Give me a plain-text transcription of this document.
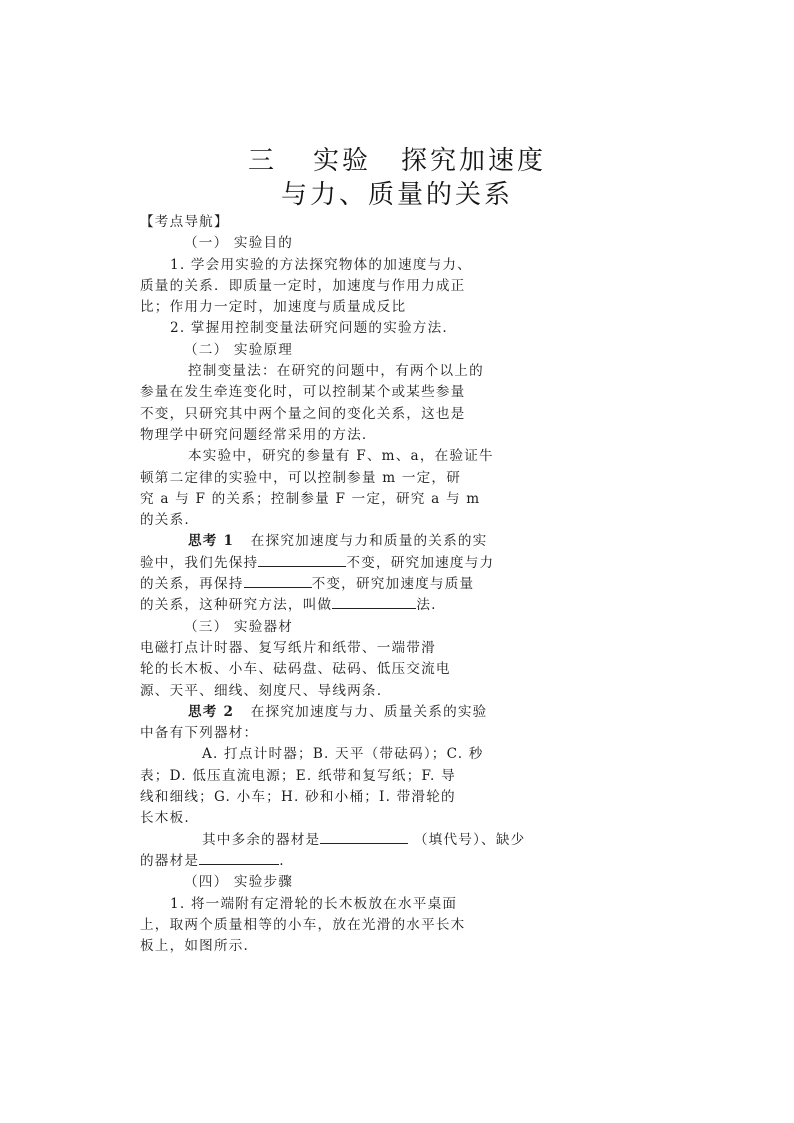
三 实验 探究加速度
与力、质量的关系
【考点导航】
（一） 实验目的
1. 学会用实验的方法探究物体的加速度与力、
质量的关系．即质量一定时，加速度与作用力成正
比；作用力一定时，加速度与质量成反比
2. 掌握用控制变量法研究问题的实验方法.
（二） 实验原理
控制变量法：在研究的问题中，有两个以上的
参量在发生牵连变化时，可以控制某个或某些参量
不变，只研究其中两个量之间的变化关系，这也是
物理学中研究问题经常采用的方法.
本实验中，研究的参量有 F、m、a，在验证牛
顿第二定律的实验中，可以控制参量 m 一定，研
究 a 与 F 的关系；控制参量 F 一定，研究 a 与 m
的关系.
思考 1 在探究加速度与力和质量的关系的实
验中，我们先保持	不变，研究加速度与力
的关系，再保持	不变，研究加速度与质量
的关系，这种研究方法，叫做	法.
（三） 实验器材
电磁打点计时器、复写纸片和纸带、一端带滑
轮的长木板、小车、砝码盘、砝码、低压交流电
源、天平、细线、刻度尺、导线两条.
思考 2 在探究加速度与力、质量关系的实验
中备有下列器材：
A. 打点计时器；B. 天平（带砝码）；C. 秒
表；D. 低压直流电源；E. 纸带和复写纸；F. 导
线和细线；G. 小车；H. 砂和小桶；I. 带滑轮的
长木板.
其中多余的器材是	（填代号）、缺少
的器材是	.
（四） 实验步骤
1. 将一端附有定滑轮的长木板放在水平桌面
上，取两个质量相等的小车，放在光滑的水平长木
板上，如图所示.
